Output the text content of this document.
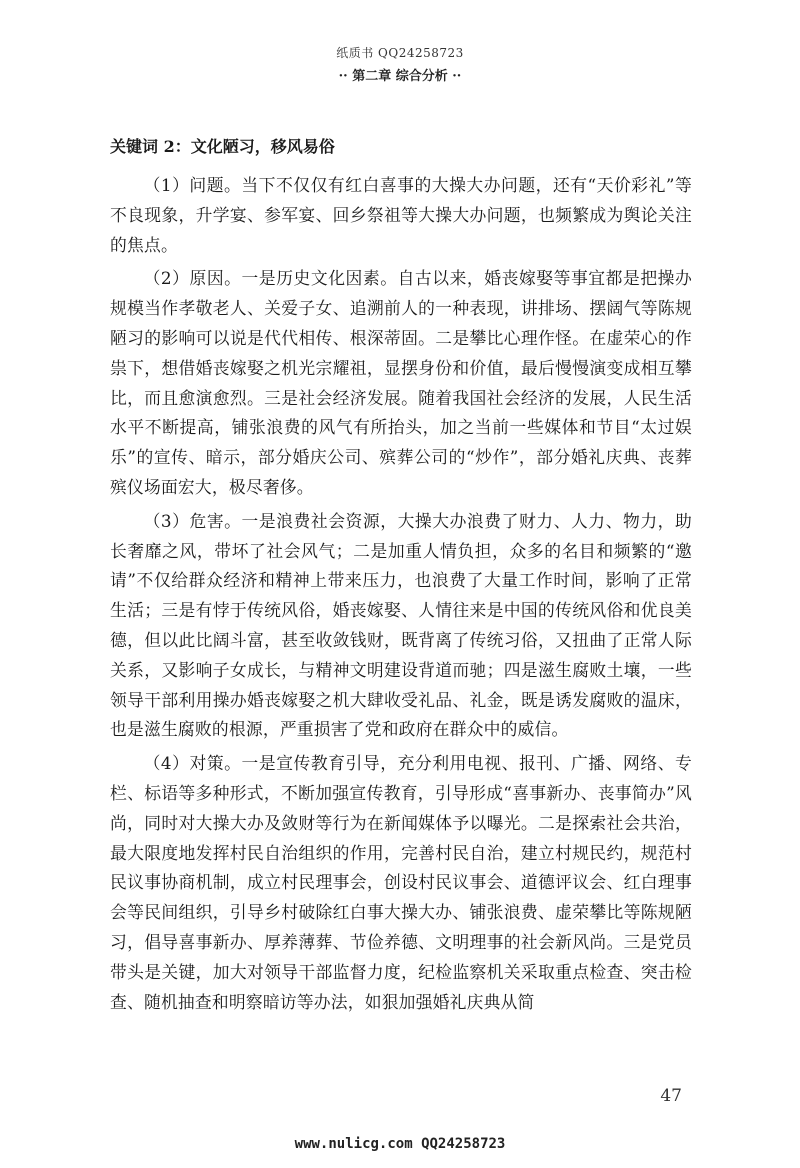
纸质书 QQ24258723
·· 第二章 综合分析 ··
关键词 2：文化陋习，移风易俗

（1）问题。当下不仅仅有红白喜事的大操大办问题，还有“天价彩礼”等不良现象，升学宴、参军宴、回乡祭祖等大操大办问题，也频繁成为舆论关注的焦点。

（2）原因。一是历史文化因素。自古以来，婚丧嫁娶等事宜都是把操办规模当作孝敬老人、关爱子女、追溯前人的一种表现，讲排场、摆阔气等陈规陋习的影响可以说是代代相传、根深蒂固。二是攀比心理作怪。在虚荣心的作祟下，想借婚丧嫁娶之机光宗耀祖，显摆身份和价值，最后慢慢演变成相互攀比，而且愈演愈烈。三是社会经济发展。随着我国社会经济的发展，人民生活水平不断提高，铺张浪费的风气有所抬头，加之当前一些媒体和节目“太过娱乐”的宣传、暗示，部分婚庆公司、殡葬公司的“炒作”，部分婚礼庆典、丧葬殡仪场面宏大，极尽奢侈。

（3）危害。一是浪费社会资源，大操大办浪费了财力、人力、物力，助长奢靡之风，带坏了社会风气；二是加重人情负担，众多的名目和频繁的“邀请”不仅给群众经济和精神上带来压力，也浪费了大量工作时间，影响了正常生活；三是有悖于传统风俗，婚丧嫁娶、人情往来是中国的传统风俗和优良美德，但以此比阔斗富，甚至收敛钱财，既背离了传统习俗，又扭曲了正常人际关系，又影响子女成长，与精神文明建设背道而驰；四是滋生腐败土壤，一些领导干部利用操办婚丧嫁娶之机大肆收受礼品、礼金，既是诱发腐败的温床，也是滋生腐败的根源，严重损害了党和政府在群众中的威信。

（4）对策。一是宣传教育引导，充分利用电视、报刊、广播、网络、专栏、标语等多种形式，不断加强宣传教育，引导形成“喜事新办、丧事简办”风尚，同时对大操大办及敛财等行为在新闻媒体予以曝光。二是探索社会共治，最大限度地发挥村民自治组织的作用，完善村民自治，建立村规民约，规范村民议事协商机制，成立村民理事会，创设村民议事会、道德评议会、红白理事会等民间组织，引导乡村破除红白事大操大办、铺张浪费、虚荣攀比等陈规陋习，倡导喜事新办、厚养薄葬、节俭养德、文明理事的社会新风尚。三是党员带头是关键，加大对领导干部监督力度，纪检监察机关采取重点检查、突击检查、随机抽查和明察暗访等办法，如狠加强婚礼庆典从简

47
www.nulicg.com QQ24258723
